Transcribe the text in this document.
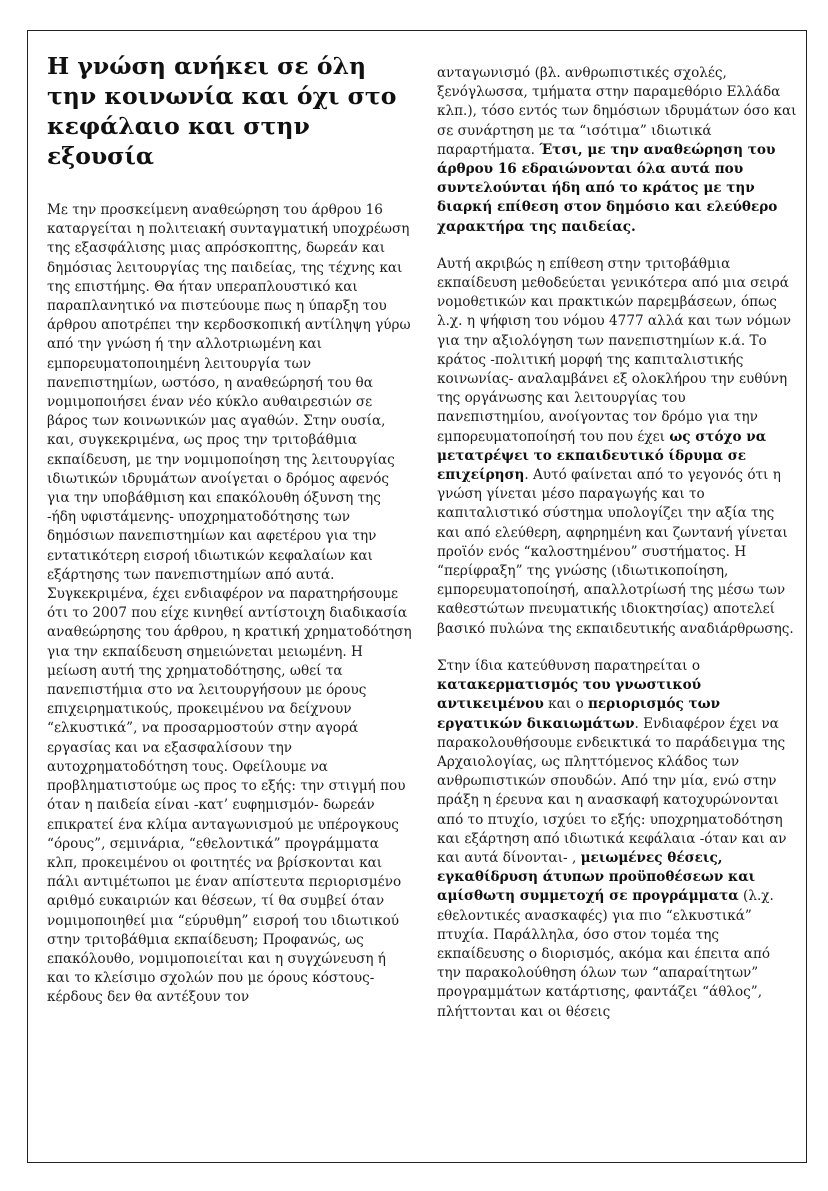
Η γνώση ανήκει σε όλη την κοινωνία και όχι στο κεφάλαιο και στην εξουσία

Με την προσκείμενη αναθεώρηση του άρθρου 16 καταργείται η πολιτειακή συνταγματική υποχρέωση της εξασφάλισης μιας απρόσκοπτης, δωρεάν και δημόσιας λειτουργίας της παιδείας, της τέχνης και της επιστήμης. Θα ήταν υπεραπλουστικό και παραπλανητικό να πιστεύουμε πως η ύπαρξη του άρθρου αποτρέπει την κερδοσκοπική αντίληψη γύρω από την γνώση ή την αλλοτριωμένη και εμπορευματοποιημένη λειτουργία των πανεπιστημίων, ωστόσο, η αναθεώρησή του θα νομιμοποιήσει έναν νέο κύκλο αυθαιρεσιών σε βάρος των κοινωνικών μας αγαθών. Στην ουσία, και, συγκεκριμένα, ως προς την τριτοβάθμια εκπαίδευση, με την νομιμοποίηση της λειτουργίας ιδιωτικών ιδρυμάτων ανοίγεται ο δρόμος αφενός για την υποβάθμιση και επακόλουθη όξυνση της -ήδη υφιστάμενης- υποχρηματοδότησης των δημόσιων πανεπιστημίων και αφετέρου για την εντατικότερη εισροή ιδιωτικών κεφαλαίων και εξάρτησης των πανεπιστημίων από αυτά. Συγκεκριμένα, έχει ενδιαφέρον να παρατηρήσουμε ότι το 2007 που είχε κινηθεί αντίστοιχη διαδικασία αναθεώρησης του άρθρου, η κρατική χρηματοδότηση για την εκπαίδευση σημειώνεται μειωμένη. Η μείωση αυτή της χρηματοδότησης, ωθεί τα πανεπιστήμια στο να λειτουργήσουν με όρους επιχειρηματικούς, προκειμένου να δείχνουν “ελκυστικά”, να προσαρμοστούν στην αγορά εργασίας και να εξασφαλίσουν την αυτοχρηματοδότηση τους. Οφείλουμε να προβληματιστούμε ως προς το εξής: την στιγμή που όταν η παιδεία είναι -κατ’ ευφημισμόν- δωρεάν επικρατεί ένα κλίμα ανταγωνισμού με υπέρογκους “όρους”, σεμινάρια, “εθελοντικά” προγράμματα κλπ, προκειμένου οι φοιτητές να βρίσκονται και πάλι αντιμέτωποι με έναν απίστευτα περιορισμένο αριθμό ευκαιριών και θέσεων, τί θα συμβεί όταν νομιμοποιηθεί μια “εύρυθμη” εισροή του ιδιωτικού στην τριτοβάθμια εκπαίδευση; Προφανώς, ως επακόλουθο, νομιμοποιείται και η συγχώνευση ή και το κλείσιμο σχολών που με όρους κόστους-κέρδους δεν θα αντέξουν τον

ανταγωνισμό (βλ. ανθρωπιστικές σχολές, ξενόγλωσσα, τμήματα στην παραμεθόριο Ελλάδα κλπ.), τόσο εντός των δημόσιων ιδρυμάτων όσο και σε συνάρτηση με τα “ισότιμα” ιδιωτικά παραρτήματα. Έτσι, με την αναθεώρηση του άρθρου 16 εδραιώνονται όλα αυτά που συντελούνται ήδη από το κράτος με την διαρκή επίθεση στον δημόσιο και ελεύθερο χαρακτήρα της παιδείας.

Αυτή ακριβώς η επίθεση στην τριτοβάθμια εκπαίδευση μεθοδεύεται γενικότερα από μια σειρά νομοθετικών και πρακτικών παρεμβάσεων, όπως λ.χ. η ψήφιση του νόμου 4777 αλλά και των νόμων για την αξιολόγηση των πανεπιστημίων κ.ά. Το κράτος -πολιτική μορφή της καπιταλιστικής κοινωνίας- αναλαμβάνει εξ ολοκλήρου την ευθύνη της οργάνωσης και λειτουργίας του πανεπιστημίου, ανοίγοντας τον δρόμο για την εμπορευματοποίησή του που έχει ως στόχο να μετατρέψει το εκπαιδευτικό ίδρυμα σε επιχείρηση. Αυτό φαίνεται από το γεγονός ότι η γνώση γίνεται μέσο παραγωγής και το καπιταλιστικό σύστημα υπολογίζει την αξία της και από ελεύθερη, αφηρημένη και ζωντανή γίνεται προϊόν ενός “καλοστημένου” συστήματος. Η “περίφραξη” της γνώσης (ιδιωτικοποίηση, εμπορευματοποίησή, απαλλοτρίωσή της μέσω των καθεστώτων πνευματικής ιδιοκτησίας) αποτελεί βασικό πυλώνα της εκπαιδευτικής αναδιάρθρωσης.

Στην ίδια κατεύθυνση παρατηρείται ο κατακερματισμός του γνωστικού αντικειμένου και ο περιορισμός των εργατικών δικαιωμάτων. Ενδιαφέρον έχει να παρακολουθήσουμε ενδεικτικά το παράδειγμα της Αρχαιολογίας, ως πληττόμενος κλάδος των ανθρωπιστικών σπουδών. Από την μία, ενώ στην πράξη η έρευνα και η ανασκαφή κατοχυρώνονται από το πτυχίο, ισχύει το εξής: υποχρηματοδότηση και εξάρτηση από ιδιωτικά κεφάλαια -όταν και αν και αυτά δίνονται- , μειωμένες θέσεις, εγκαθίδρυση άτυπων προϋποθέσεων και αμίσθωτη συμμετοχή σε προγράμματα (λ.χ. εθελοντικές ανασκαφές) για πιο “ελκυστικά” πτυχία. Παράλληλα, όσο στον τομέα της εκπαίδευσης ο διορισμός, ακόμα και έπειτα από την παρακολούθηση όλων των “απαραίτητων” προγραμμάτων κατάρτισης, φαντάζει “άθλος”, πλήττονται και οι θέσεις
